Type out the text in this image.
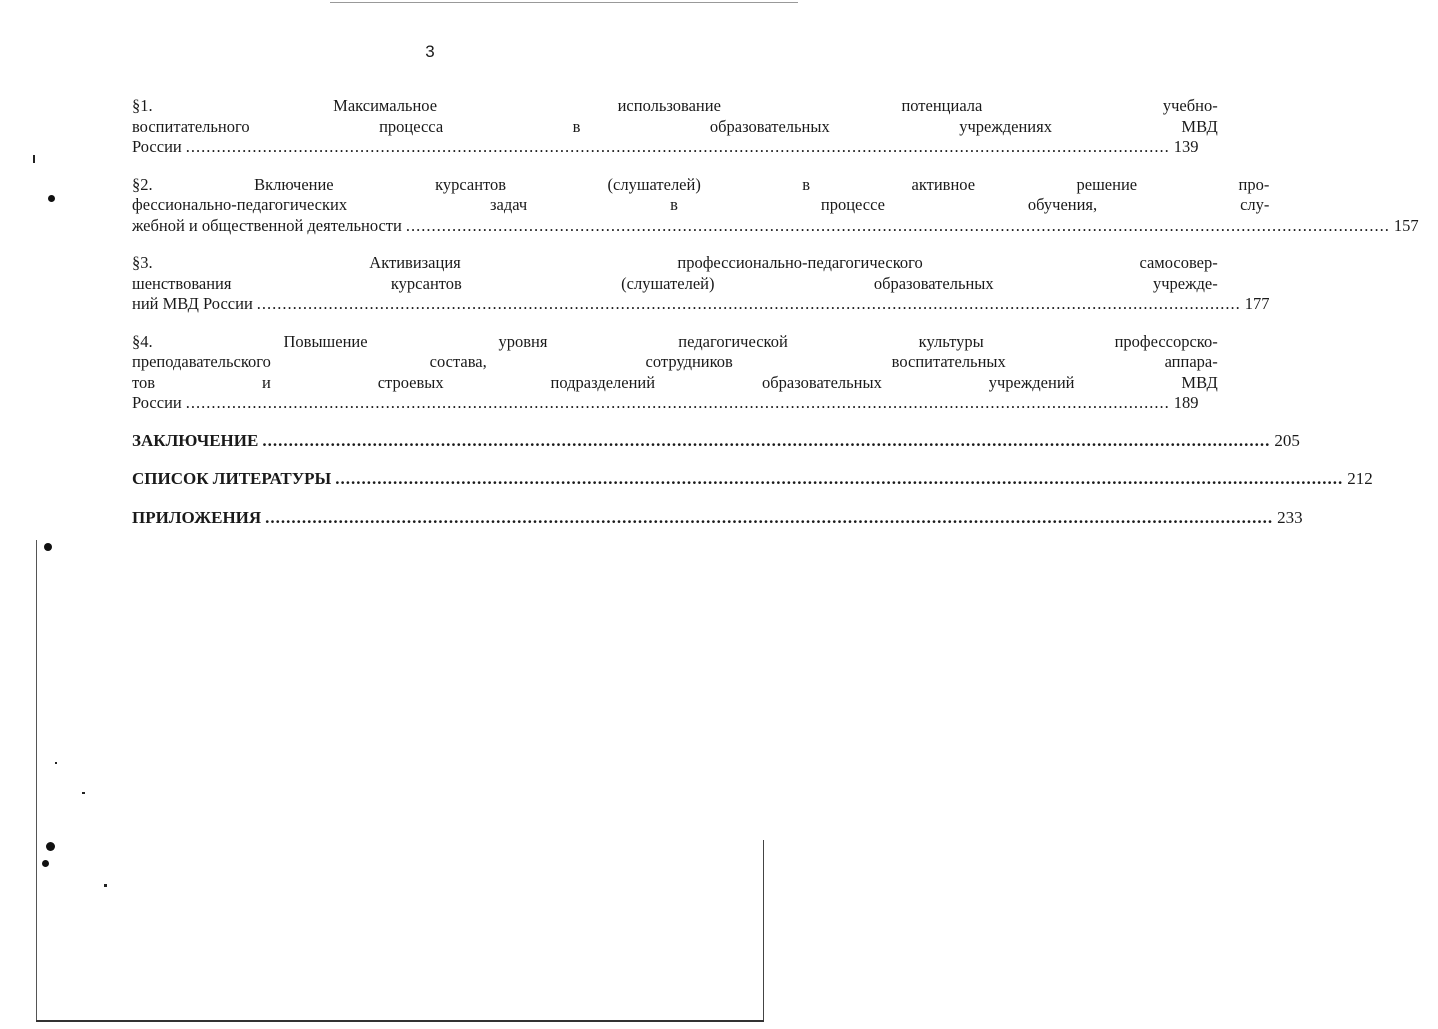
3
§1. Максимальное использование потенциала учебно-
воспитательного процесса в образовательных учреждениях МВД
России .....	139
§2. Включение курсантов (слушателей) в активное решение про-
фессионально-педагогических задач в процессе обучения, слу-
жебной и общественной деятельности .....	157
§3. Активизация профессионально-педагогического самосовер-
шенствования курсантов (слушателей) образовательных учрежде-
ний МВД России .....	177
§4. Повышение уровня педагогической культуры профессорско-
преподавательского состава, сотрудников воспитательных аппара-
тов и строевых подразделений образовательных учреждений МВД
России .....	189
ЗАКЛЮЧЕНИЕ .....	205
СПИСОК ЛИТЕРАТУРЫ .....	212
ПРИЛОЖЕНИЯ .....	233
